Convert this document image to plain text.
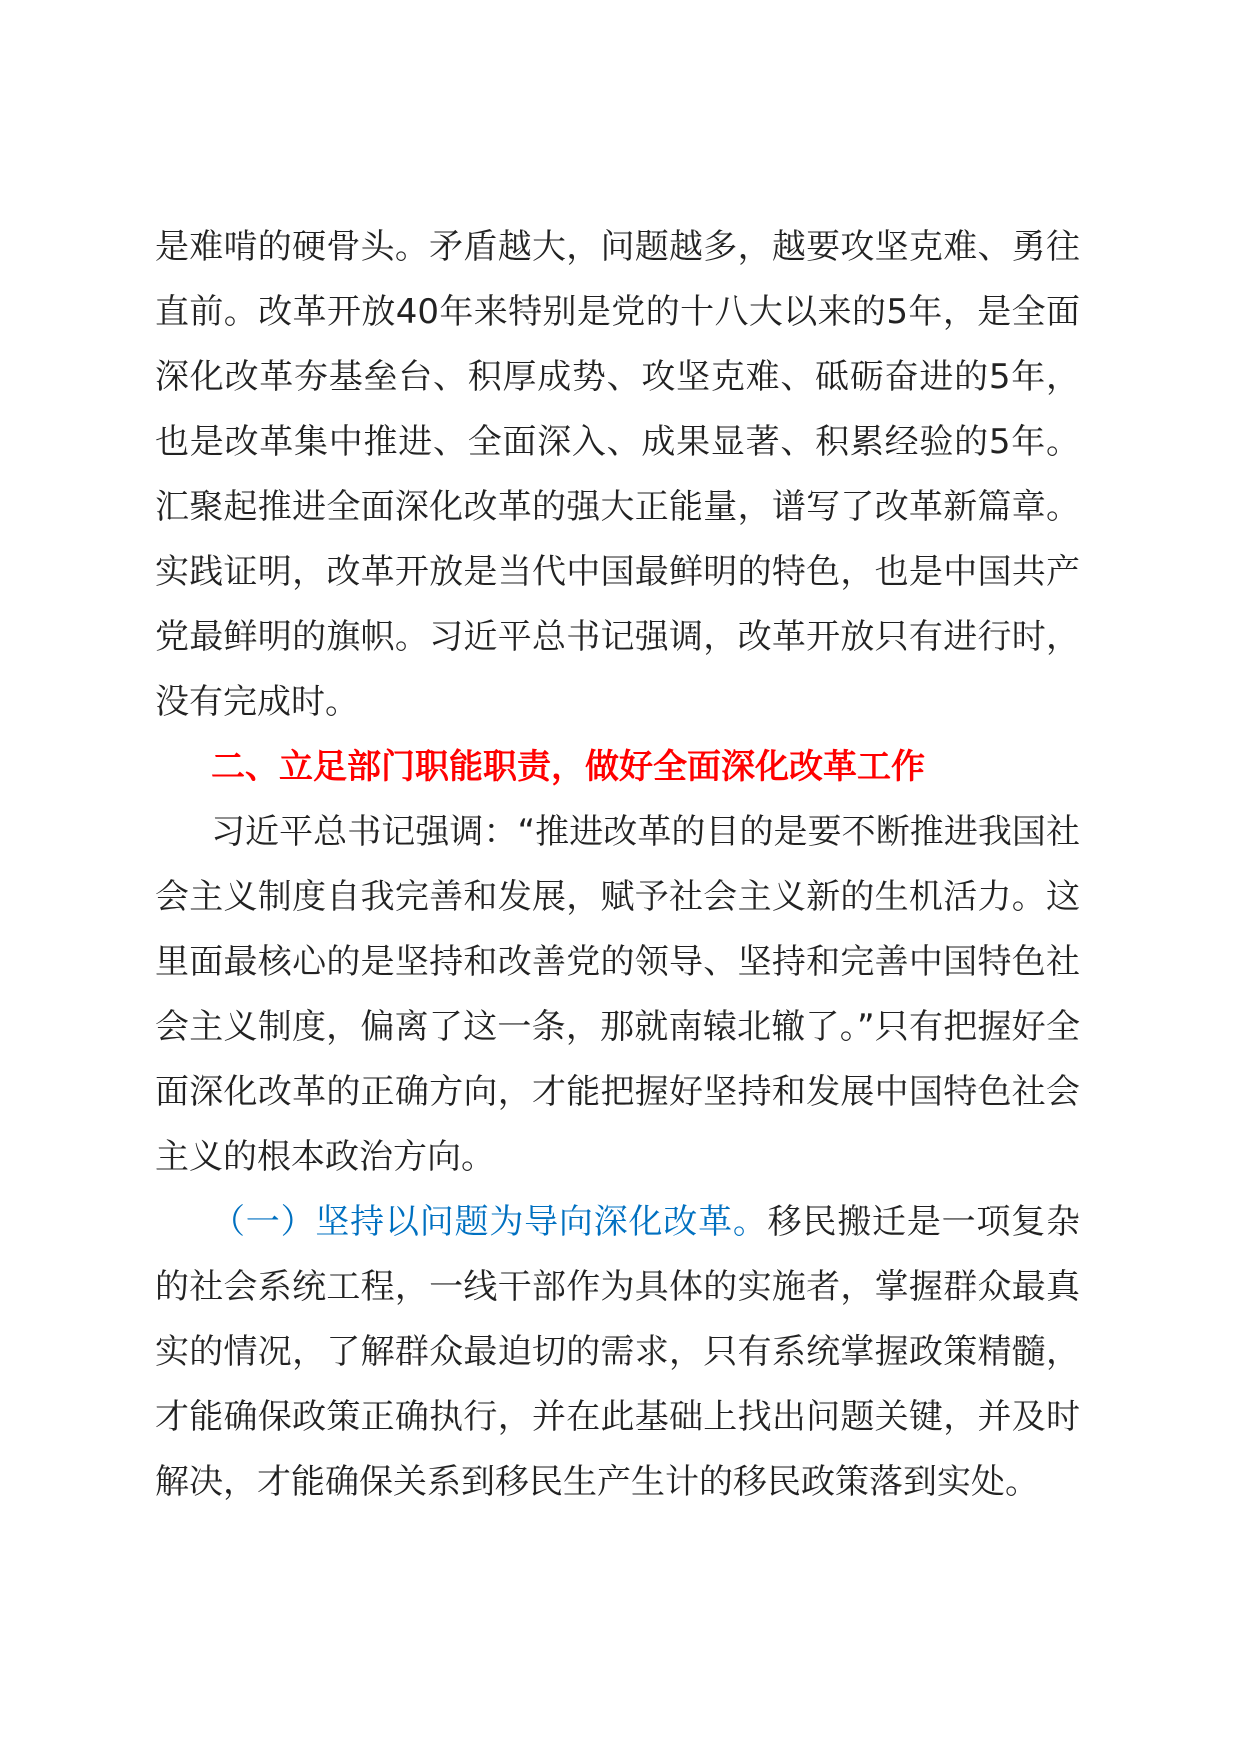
是难啃的硬骨头。矛盾越大，问题越多，越要攻坚克难、勇往直前。改革开放40年来特别是党的十八大以来的5年，是全面深化改革夯基垒台、积厚成势、攻坚克难、砥砺奋进的5年，也是改革集中推进、全面深入、成果显著、积累经验的5年。汇聚起推进全面深化改革的强大正能量，谱写了改革新篇章。实践证明，改革开放是当代中国最鲜明的特色，也是中国共产党最鲜明的旗帜。习近平总书记强调，改革开放只有进行时，没有完成时。

二、立足部门职能职责，做好全面深化改革工作

习近平总书记强调：“推进改革的目的是要不断推进我国社会主义制度自我完善和发展，赋予社会主义新的生机活力。这里面最核心的是坚持和改善党的领导、坚持和完善中国特色社会主义制度，偏离了这一条，那就南辕北辙了。”只有把握好全面深化改革的正确方向，才能把握好坚持和发展中国特色社会主义的根本政治方向。

（一）坚持以问题为导向深化改革。移民搬迁是一项复杂的社会系统工程，一线干部作为具体的实施者，掌握群众最真实的情况，了解群众最迫切的需求，只有系统掌握政策精髓，才能确保政策正确执行，并在此基础上找出问题关键，并及时解决，才能确保关系到移民生产生计的移民政策落到实处。
